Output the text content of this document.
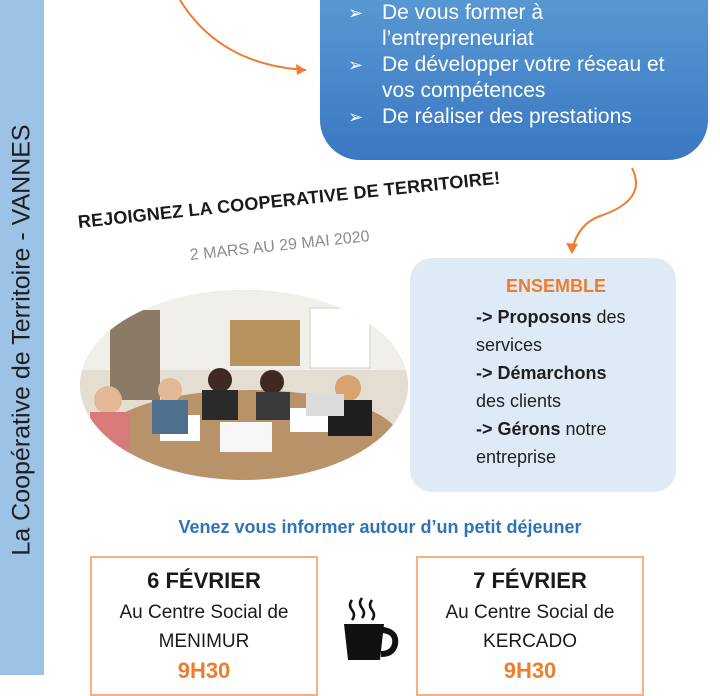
La Coopérative de Territoire - VANNES
➢ De vous former à l’entrepreneuriat
➢ De développer votre réseau et vos compétences
➢ De réaliser des prestations
REJOIGNEZ LA COOPERATIVE DE TERRITOIRE!
2 MARS AU 29 MAI 2020
ENSEMBLE
-> Proposons des
services
-> Démarchons
des clients
-> Gérons notre
entreprise
Venez vous informer autour d’un petit déjeuner
6 FÉVRIER
Au Centre Social de
MENIMUR
9H30
7 FÉVRIER
Au Centre Social de
KERCADO
9H30
